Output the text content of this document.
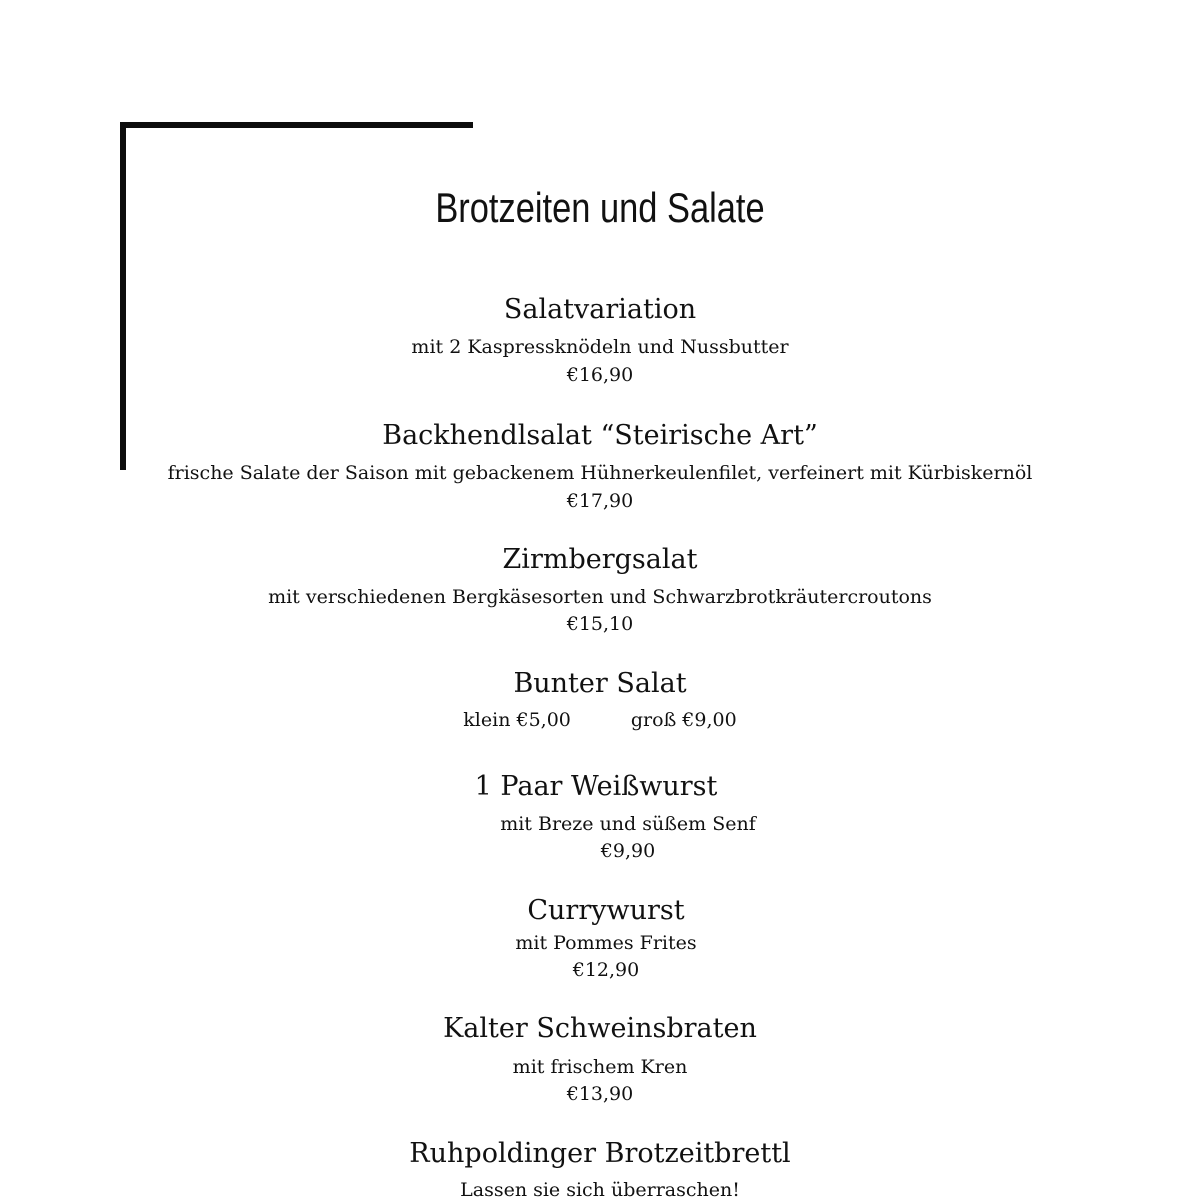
Brotzeiten und Salate
Salatvariation
mit 2 Kaspressknödeln und Nussbutter
€16,90
Backhendlsalat “Steirische Art”
frische Salate der Saison mit gebackenem Hühnerkeulenfilet, verfeinert mit Kürbiskernöl
€17,90
Zirmbergsalat
mit verschiedenen Bergkäsesorten und Schwarzbrotkräutercroutons
€15,10
Bunter Salat
klein €5,00	groß €9,00
1 Paar Weißwurst
mit Breze und süßem Senf
€9,90
Currywurst
mit Pommes Frites
€12,90
Kalter Schweinsbraten
mit frischem Kren
€13,90
Ruhpoldinger Brotzeitbrettl
Lassen sie sich überraschen!
